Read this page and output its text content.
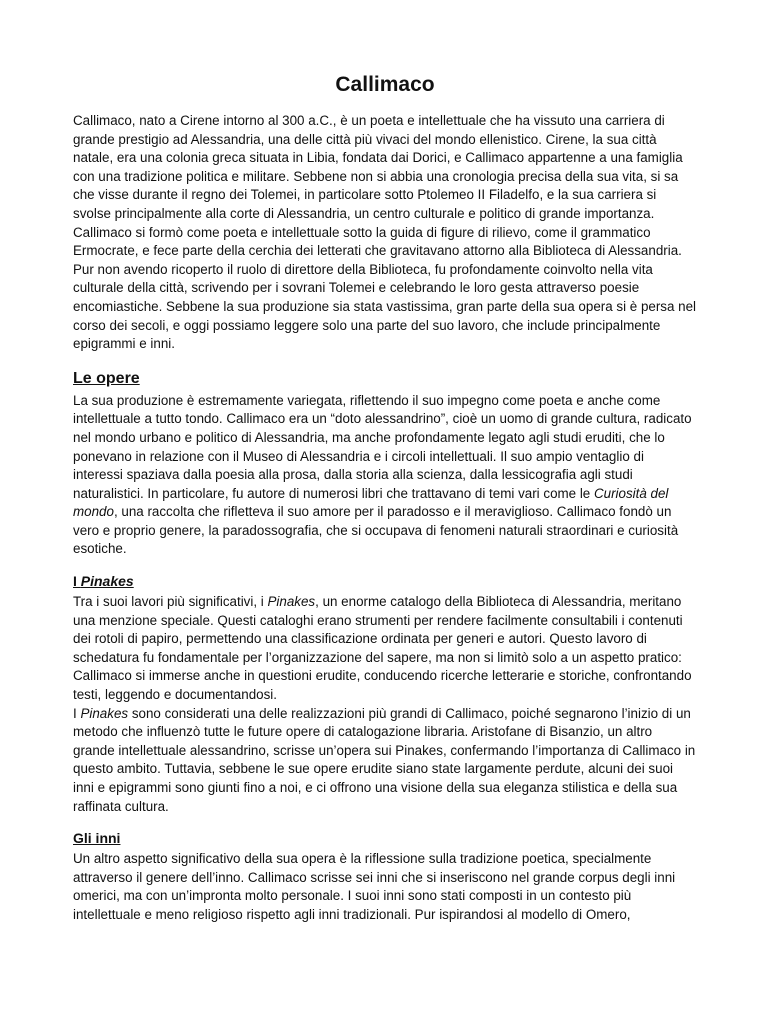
Callimaco

Callimaco, nato a Cirene intorno al 300 a.C., è un poeta e intellettuale che ha vissuto una carriera di grande prestigio ad Alessandria, una delle città più vivaci del mondo ellenistico. Cirene, la sua città natale, era una colonia greca situata in Libia, fondata dai Dorici, e Callimaco appartenne a una famiglia con una tradizione politica e militare. Sebbene non si abbia una cronologia precisa della sua vita, si sa che visse durante il regno dei Tolemei, in particolare sotto Ptolemeo II Filadelfo, e la sua carriera si svolse principalmente alla corte di Alessandria, un centro culturale e politico di grande importanza.

Callimaco si formò come poeta e intellettuale sotto la guida di figure di rilievo, come il grammatico Ermocrate, e fece parte della cerchia dei letterati che gravitavano attorno alla Biblioteca di Alessandria. Pur non avendo ricoperto il ruolo di direttore della Biblioteca, fu profondamente coinvolto nella vita culturale della città, scrivendo per i sovrani Tolemei e celebrando le loro gesta attraverso poesie encomiastiche. Sebbene la sua produzione sia stata vastissima, gran parte della sua opera si è persa nel corso dei secoli, e oggi possiamo leggere solo una parte del suo lavoro, che include principalmente epigrammi e inni.

Le opere

La sua produzione è estremamente variegata, riflettendo il suo impegno come poeta e anche come intellettuale a tutto tondo. Callimaco era un “doto alessandrino”, cioè un uomo di grande cultura, radicato nel mondo urbano e politico di Alessandria, ma anche profondamente legato agli studi eruditi, che lo ponevano in relazione con il Museo di Alessandria e i circoli intellettuali. Il suo ampio ventaglio di interessi spaziava dalla poesia alla prosa, dalla storia alla scienza, dalla lessicografia agli studi naturalistici. In particolare, fu autore di numerosi libri che trattavano di temi vari come le Curiosità del mondo, una raccolta che rifletteva il suo amore per il paradosso e il meraviglioso. Callimaco fondò un vero e proprio genere, la paradossografia, che si occupava di fenomeni naturali straordinari e curiosità esotiche.

I Pinakes

Tra i suoi lavori più significativi, i Pinakes, un enorme catalogo della Biblioteca di Alessandria, meritano una menzione speciale. Questi cataloghi erano strumenti per rendere facilmente consultabili i contenuti dei rotoli di papiro, permettendo una classificazione ordinata per generi e autori. Questo lavoro di schedatura fu fondamentale per l’organizzazione del sapere, ma non si limitò solo a un aspetto pratico: Callimaco si immerse anche in questioni erudite, conducendo ricerche letterarie e storiche, confrontando testi, leggendo e documentandosi.

I Pinakes sono considerati una delle realizzazioni più grandi di Callimaco, poiché segnarono l’inizio di un metodo che influenzò tutte le future opere di catalogazione libraria. Aristofane di Bisanzio, un altro grande intellettuale alessandrino, scrisse un’opera sui Pinakes, confermando l’importanza di Callimaco in questo ambito. Tuttavia, sebbene le sue opere erudite siano state largamente perdute, alcuni dei suoi inni e epigrammi sono giunti fino a noi, e ci offrono una visione della sua eleganza stilistica e della sua raffinata cultura.

Gli inni

Un altro aspetto significativo della sua opera è la riflessione sulla tradizione poetica, specialmente attraverso il genere dell’inno. Callimaco scrisse sei inni che si inseriscono nel grande corpus degli inni omerici, ma con un’impronta molto personale. I suoi inni sono stati composti in un contesto più intellettuale e meno religioso rispetto agli inni tradizionali. Pur ispirandosi al modello di Omero,
